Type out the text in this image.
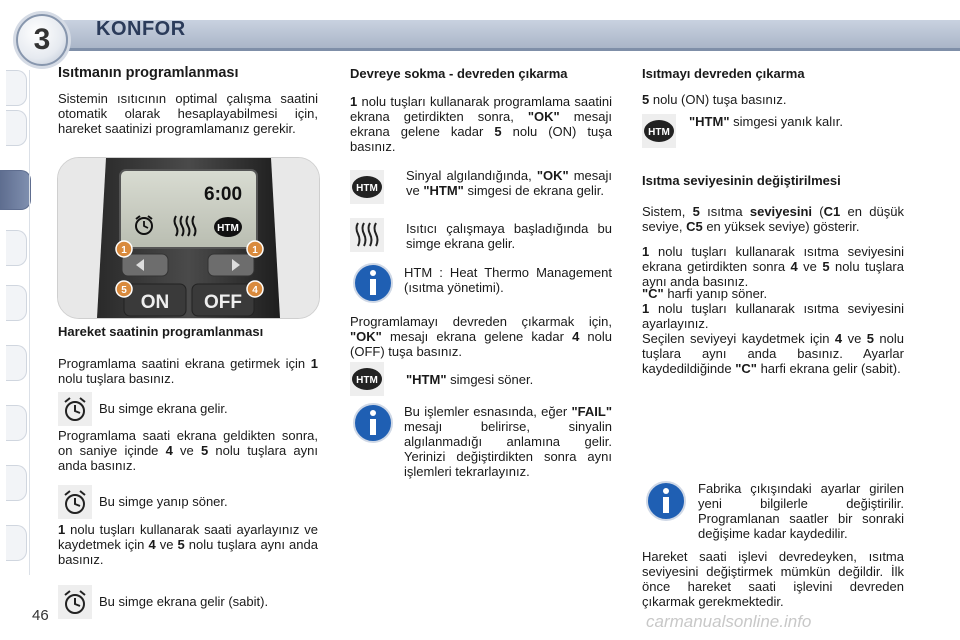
3	KONFOR
Isıtmanın programlanması
Sistemin ısıtıcının optimal çalışma saatini otomatik olarak hesaplayabilmesi için, hareket saatinizi programlamanız gerekir.
6:00
HTM
ON OFF
1	1
5	4
Hareket saatinin programlanması
Programlama saatini ekrana getirmek için 1 nolu tuşlara basınız.
Bu simge ekrana gelir.
Programlama saati ekrana geldikten sonra, on saniye içinde 4 ve 5 nolu tuşlara aynı anda basınız.
Bu simge yanıp söner.
1 nolu tuşları kullanarak saati ayarlayınız ve kaydetmek için 4 ve 5 nolu tuşlara aynı anda basınız.
Bu simge ekrana gelir (sabit).
Devreye sokma - devreden çıkarma
1 nolu tuşları kullanarak programlama saatini ekrana getirdikten sonra, "OK" mesajı ekrana gelene kadar 5 nolu (ON) tuşa basınız.
HTM
Sinyal algılandığında, "OK" mesajı ve "HTM" simgesi de ekrana gelir.
Isıtıcı çalışmaya başladığında bu simge ekrana gelir.
HTM : Heat Thermo Management (ısıtma yönetimi).
Programlamayı devreden çıkarmak için, "OK" mesajı ekrana gelene kadar 4 nolu (OFF) tuşa basınız.
HTM "HTM" simgesi söner.
Bu işlemler esnasında, eğer "FAIL" mesajı belirirse, sinyalin algılanmadığı anlamına gelir. Yerinizi değiştirdikten sonra aynı işlemleri tekrarlayınız.
Isıtmayı devreden çıkarma
5 nolu (ON) tuşa basınız.
HTM
"HTM" simgesi yanık kalır.
Isıtma seviyesinin değiştirilmesi
Sistem, 5 ısıtma seviyesini (C1 en düşük seviye, C5 en yüksek seviye) gösterir.
1 nolu tuşları kullanarak ısıtma seviyesini ekrana getirdikten sonra 4 ve 5 nolu tuşlara aynı anda basınız.
"C" harfi yanıp söner.
1 nolu tuşları kullanarak ısıtma seviyesini ayarlayınız.
Seçilen seviyeyi kaydetmek için 4 ve 5 nolu tuşlara aynı anda basınız. Ayarlar kaydedildiğinde "C" harfi ekrana gelir (sabit).
Fabrika çıkışındaki ayarlar girilen yeni bilgilerle değiştirilir. Programlanan saatler bir sonraki değişime kadar kaydedilir.
Hareket saati işlevi devredeyken, ısıtma seviyesini değiştirmek mümkün değildir. İlk önce hareket saati işlevini devreden çıkarmak gerekmektedir.
46	carmanualsonline.info
